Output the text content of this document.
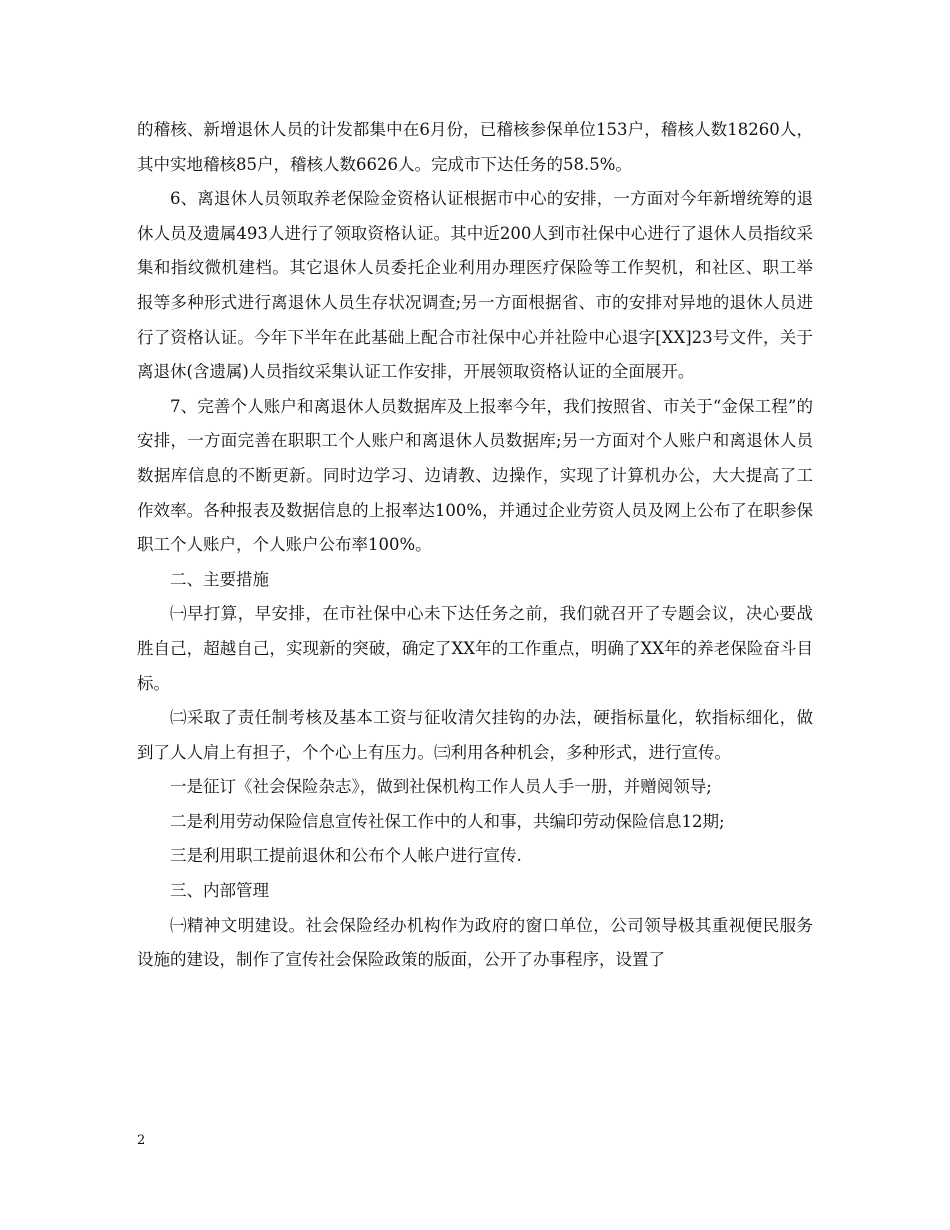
的稽核、新增退休人员的计发都集中在6月份，已稽核参保单位153户，稽核人数18260人，其中实地稽核85户，稽核人数6626人。完成市下达任务的58.5%。

6、离退休人员领取养老保险金资格认证根据市中心的安排，一方面对今年新增统筹的退休人员及遗属493人进行了领取资格认证。其中近200人到市社保中心进行了退休人员指纹采集和指纹微机建档。其它退休人员委托企业利用办理医疗保险等工作契机，和社区、职工举报等多种形式进行离退休人员生存状况调查;另一方面根据省、市的安排对异地的退休人员进行了资格认证。今年下半年在此基础上配合市社保中心并社险中心退字[XX]23号文件，关于离退休(含遗属)人员指纹采集认证工作安排，开展领取资格认证的全面展开。

7、完善个人账户和离退休人员数据库及上报率今年，我们按照省、市关于“金保工程”的安排，一方面完善在职职工个人账户和离退休人员数据库;另一方面对个人账户和离退休人员数据库信息的不断更新。同时边学习、边请教、边操作，实现了计算机办公，大大提高了工作效率。各种报表及数据信息的上报率达100%，并通过企业劳资人员及网上公布了在职参保职工个人账户，个人账户公布率100%。

二、主要措施

㈠早打算，早安排，在市社保中心未下达任务之前，我们就召开了专题会议，决心要战胜自己，超越自己，实现新的突破，确定了XX年的工作重点，明确了XX年的养老保险奋斗目标。

㈡采取了责任制考核及基本工资与征收清欠挂钩的办法，硬指标量化，软指标细化，做到了人人肩上有担子，个个心上有压力。㈢利用各种机会，多种形式，进行宣传。

一是征订《社会保险杂志》，做到社保机构工作人员人手一册，并赠阅领导;

二是利用劳动保险信息宣传社保工作中的人和事，共编印劳动保险信息12期;

三是利用职工提前退休和公布个人帐户进行宣传.

三、内部管理

㈠精神文明建设。社会保险经办机构作为政府的窗口单位，公司领导极其重视便民服务设施的建设，制作了宣传社会保险政策的版面，公开了办事程序，设置了

2
